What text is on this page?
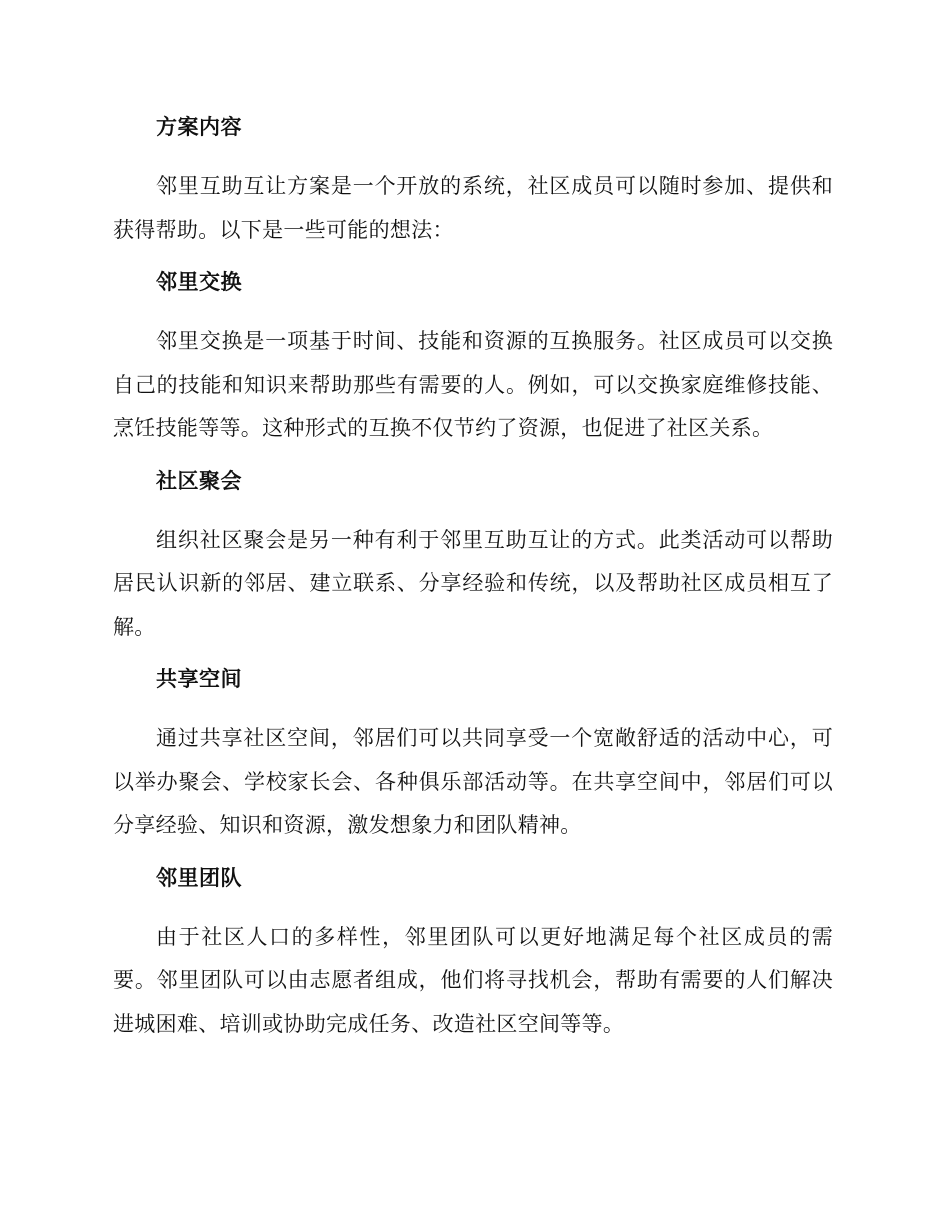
方案内容

邻里互助互让方案是一个开放的系统，社区成员可以随时参加、提供和获得帮助。以下是一些可能的想法：

邻里交换

邻里交换是一项基于时间、技能和资源的互换服务。社区成员可以交换自己的技能和知识来帮助那些有需要的人。例如，可以交换家庭维修技能、烹饪技能等等。这种形式的互换不仅节约了资源，也促进了社区关系。

社区聚会

组织社区聚会是另一种有利于邻里互助互让的方式。此类活动可以帮助居民认识新的邻居、建立联系、分享经验和传统，以及帮助社区成员相互了解。

共享空间

通过共享社区空间，邻居们可以共同享受一个宽敞舒适的活动中心，可以举办聚会、学校家长会、各种俱乐部活动等。在共享空间中，邻居们可以分享经验、知识和资源，激发想象力和团队精神。

邻里团队

由于社区人口的多样性，邻里团队可以更好地满足每个社区成员的需要。邻里团队可以由志愿者组成，他们将寻找机会，帮助有需要的人们解决进城困难、培训或协助完成任务、改造社区空间等等。
